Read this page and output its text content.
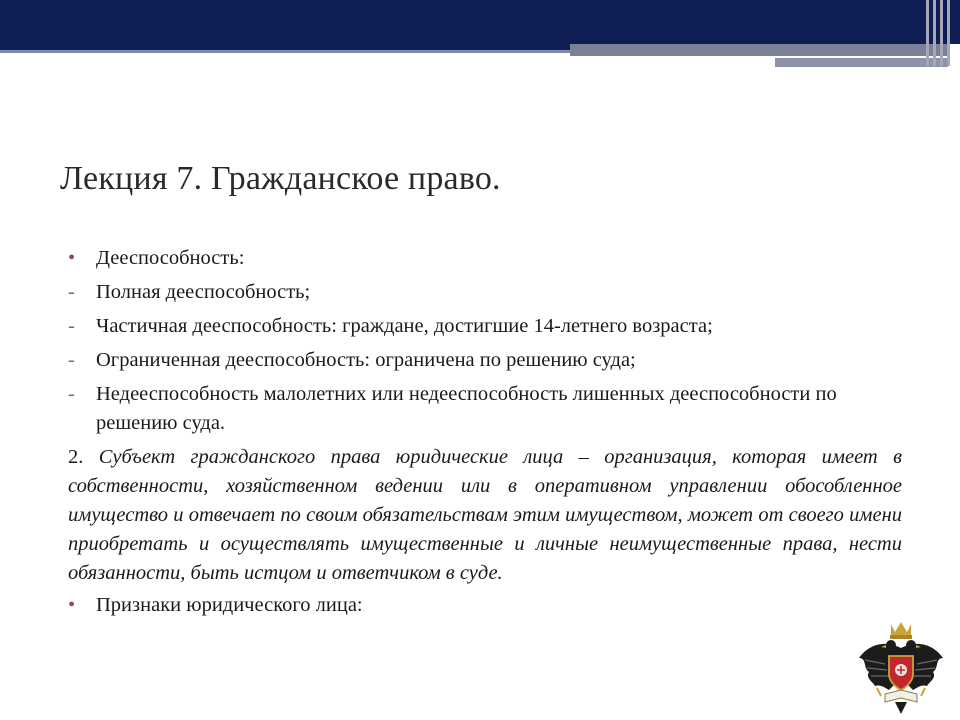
Лекция 7. Гражданское право.
•	Дееспособность:
-	Полная дееспособность;
-	Частичная дееспособность: граждане, достигшие 14-летнего возраста;
-	Ограниченная дееспособность: ограничена по решению суда;
-	Недееспособность малолетних или недееспособность лишенных дееспособности по решению суда.
2. Субъект гражданского права юридические лица – организация, которая имеет в собственности, хозяйственном ведении или в оперативном управлении обособленное имущество и отвечает по своим обязательствам этим имуществом, может от своего имени приобретать и осуществлять имущественные и личные неимущественные права, нести обязанности, быть истцом и ответчиком в суде.
•	Признаки юридического лица:
